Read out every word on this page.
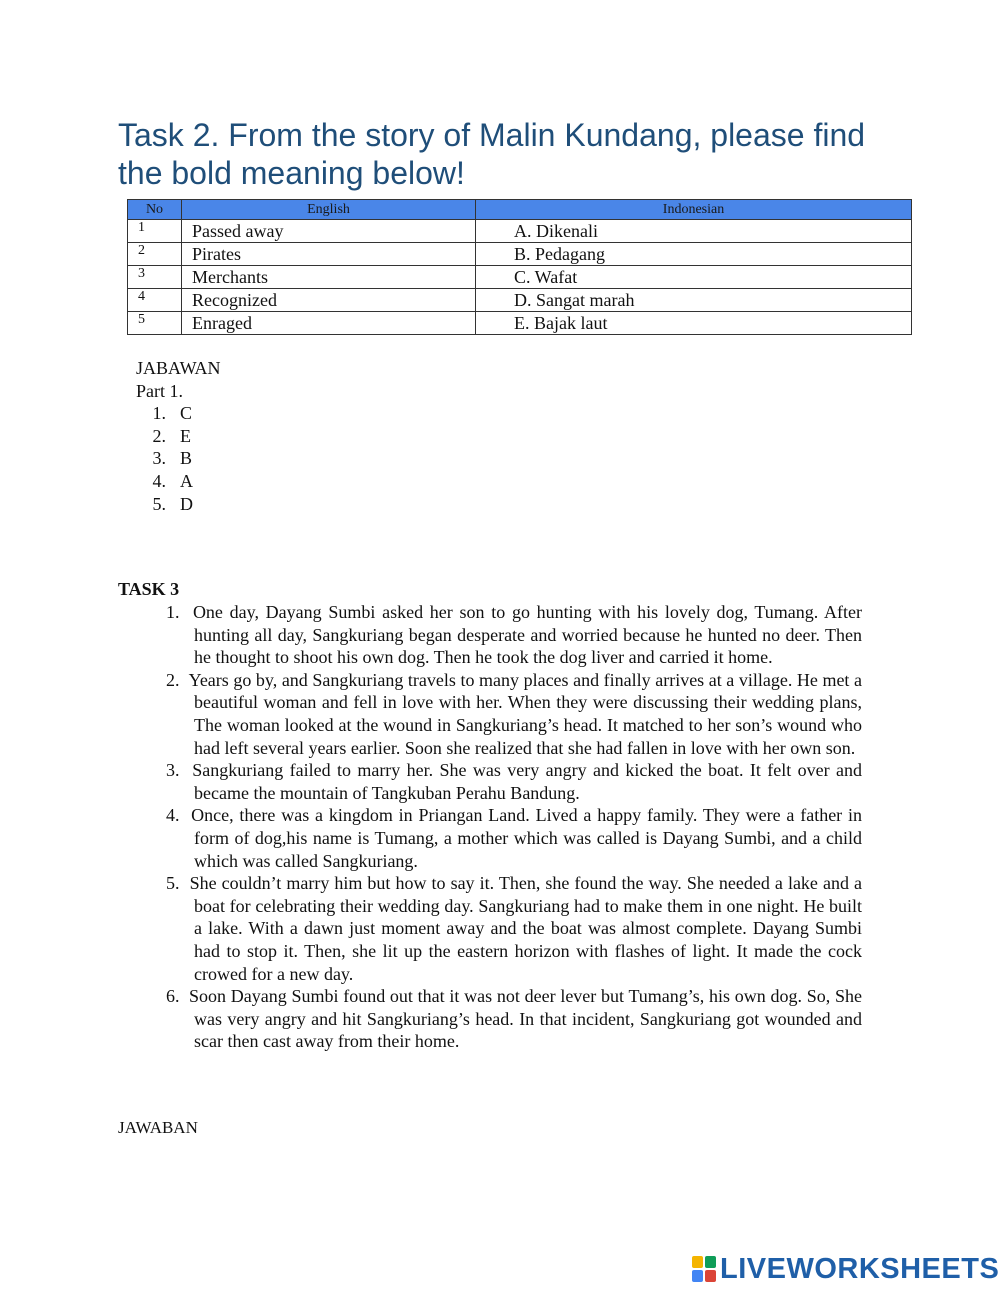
Task 2. From the story of Malin Kundang, please find the bold meaning below!
No	English	Indonesian
1	Passed away	A. Dikenali
2	Pirates	B. Pedagang
3	Merchants	C. Wafat
4	Recognized	D. Sangat marah
5	Enraged	E. Bajak laut
JABAWAN
Part 1.
1. C
2. E
3. B
4. A
5. D
TASK 3
1. One day, Dayang Sumbi asked her son to go hunting with his lovely dog, Tumang. After hunting all day, Sangkuriang began desperate and worried because he hunted no deer. Then he thought to shoot his own dog. Then he took the dog liver and carried it home.
2. Years go by, and Sangkuriang travels to many places and finally arrives at a village. He met a beautiful woman and fell in love with her. When they were discussing their wedding plans, The woman looked at the wound in Sangkuriang’s head. It matched to her son’s wound who had left several years earlier. Soon she realized that she had fallen in love with her own son.
3. Sangkuriang failed to marry her. She was very angry and kicked the boat. It felt over and became the mountain of Tangkuban Perahu Bandung.
4. Once, there was a kingdom in Priangan Land. Lived a happy family. They were a father in form of dog,his name is Tumang, a mother which was called is Dayang Sumbi, and a child which was called Sangkuriang.
5. She couldn’t marry him but how to say it. Then, she found the way. She needed a lake and a boat for celebrating their wedding day. Sangkuriang had to make them in one night. He built a lake. With a dawn just moment away and the boat was almost complete. Dayang Sumbi had to stop it. Then, she lit up the eastern horizon with flashes of light. It made the cock crowed for a new day.
6. Soon Dayang Sumbi found out that it was not deer lever but Tumang’s, his own dog. So, She was very angry and hit Sangkuriang’s head. In that incident, Sangkuriang got wounded and scar then cast away from their home.
JAWABAN
LIVEWORKSHEETS
